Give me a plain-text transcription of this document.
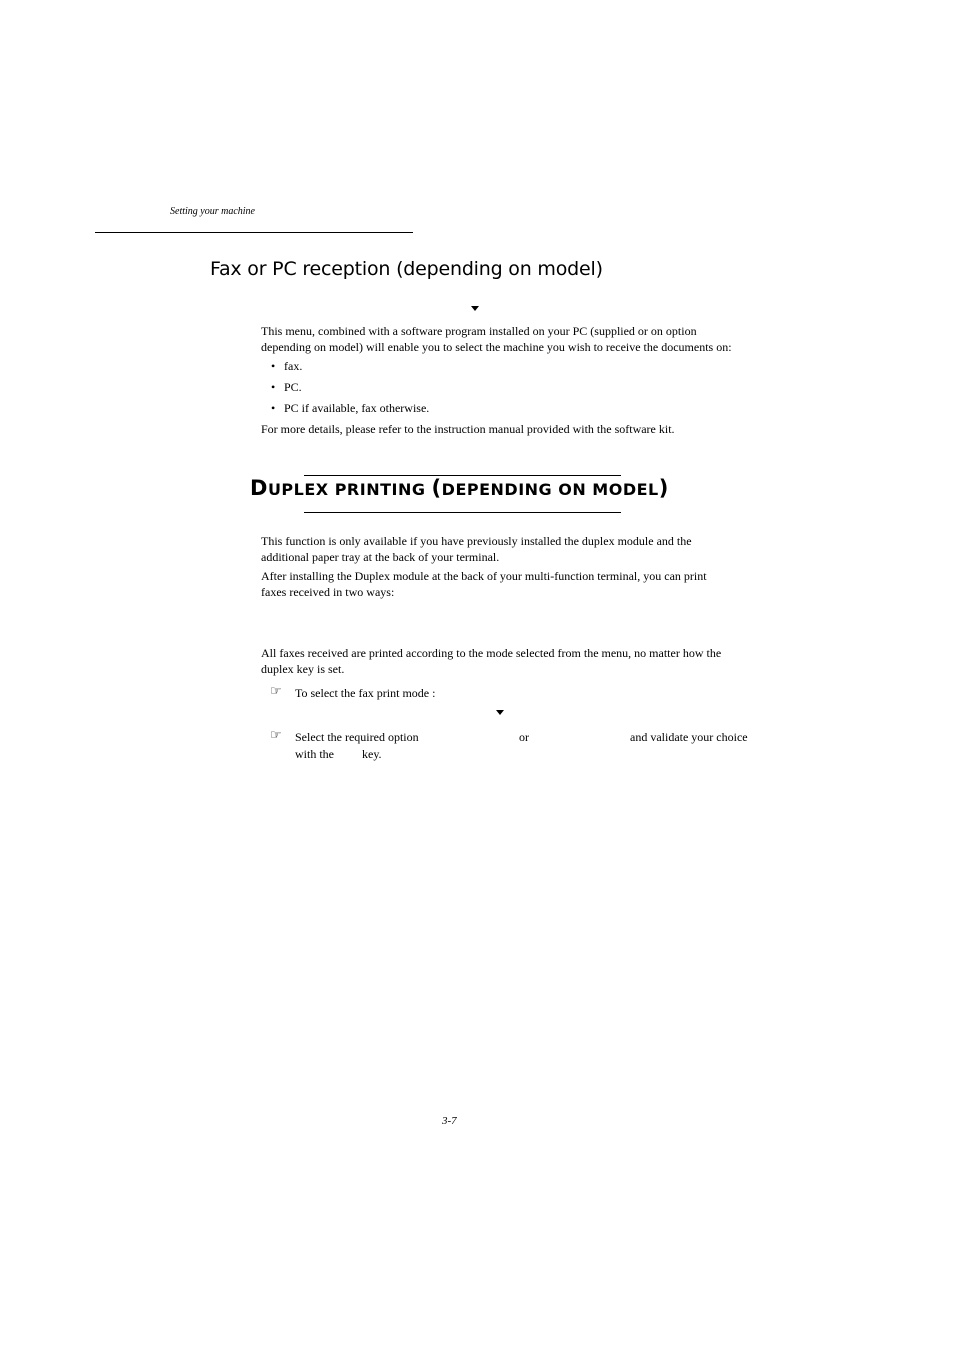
Setting your machine
Fax or PC reception (depending on model)
This menu, combined with a software program installed on your PC (supplied or on option
depending on model) will enable you to select the machine you wish to receive the documents on:
• fax.
• PC.
• PC if available, fax otherwise.
For more details, please refer to the instruction manual provided with the software kit.
DUPLEX PRINTING (DEPENDING ON MODEL)
This function is only available if you have previously installed the duplex module and the
additional paper tray at the back of your terminal.
After installing the Duplex module at the back of your multi-function terminal, you can print
faxes received in two ways:
All faxes received are printed according to the mode selected from the menu, no matter how the
duplex key is set.
☞ To select the fax print mode :
☞ Select the required option	or	and validate your choice
with the key.
3-7
